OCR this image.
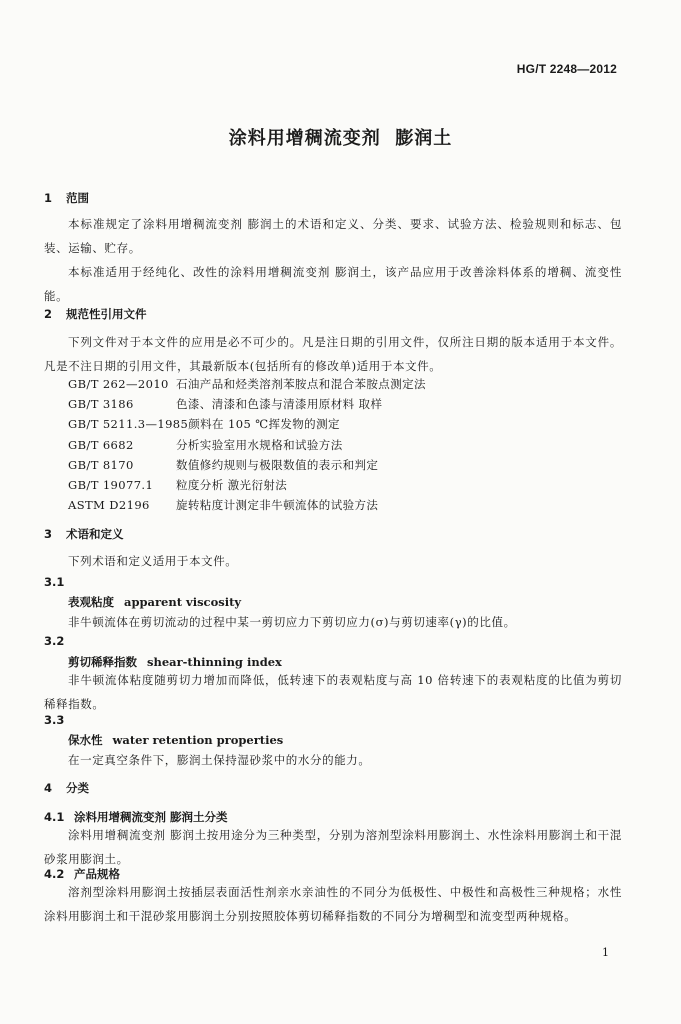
HG/T 2248—2012
涂料用增稠流变剂  膨润土
1 范围
本标准规定了涂料用增稠流变剂 膨润土的术语和定义、分类、要求、试验方法、检验规则和标志、包装、运输、贮存。
本标准适用于经纯化、改性的涂料用增稠流变剂 膨润土，该产品应用于改善涂料体系的增稠、流变性能。
2 规范性引用文件
下列文件对于本文件的应用是必不可少的。凡是注日期的引用文件，仅所注日期的版本适用于本文件。凡是不注日期的引用文件，其最新版本(包括所有的修改单)适用于本文件。
GB/T 262—2010 石油产品和烃类溶剂苯胺点和混合苯胺点测定法
GB/T 3186	色漆、清漆和色漆与清漆用原材料 取样
GB/T 5211.3—1985颜料在 105 ℃挥发物的测定
GB/T 6682	分析实验室用水规格和试验方法
GB/T 8170	数值修约规则与极限数值的表示和判定
GB/T 19077.1 粒度分析 激光衍射法
ASTM D2196 旋转粘度计测定非牛顿流体的试验方法
3 术语和定义
下列术语和定义适用于本文件。
3.1
表观粘度 apparent viscosity
非牛顿流体在剪切流动的过程中某一剪切应力下剪切应力(σ)与剪切速率(γ)的比值。
3.2
剪切稀释指数 shear-thinning index
非牛顿流体粘度随剪切力增加而降低，低转速下的表观粘度与高 10 倍转速下的表观粘度的比值为剪切稀释指数。
3.3
保水性 water retention properties
在一定真空条件下，膨润土保持湿砂浆中的水分的能力。
4 分类
4.1 涂料用增稠流变剂 膨润土分类
涂料用增稠流变剂 膨润土按用途分为三种类型，分别为溶剂型涂料用膨润土、水性涂料用膨润土和干混砂浆用膨润土。
4.2 产品规格
溶剂型涂料用膨润土按插层表面活性剂亲水亲油性的不同分为低极性、中极性和高极性三种规格；水性涂料用膨润土和干混砂浆用膨润土分别按照胶体剪切稀释指数的不同分为增稠型和流变型两种规格。
1
